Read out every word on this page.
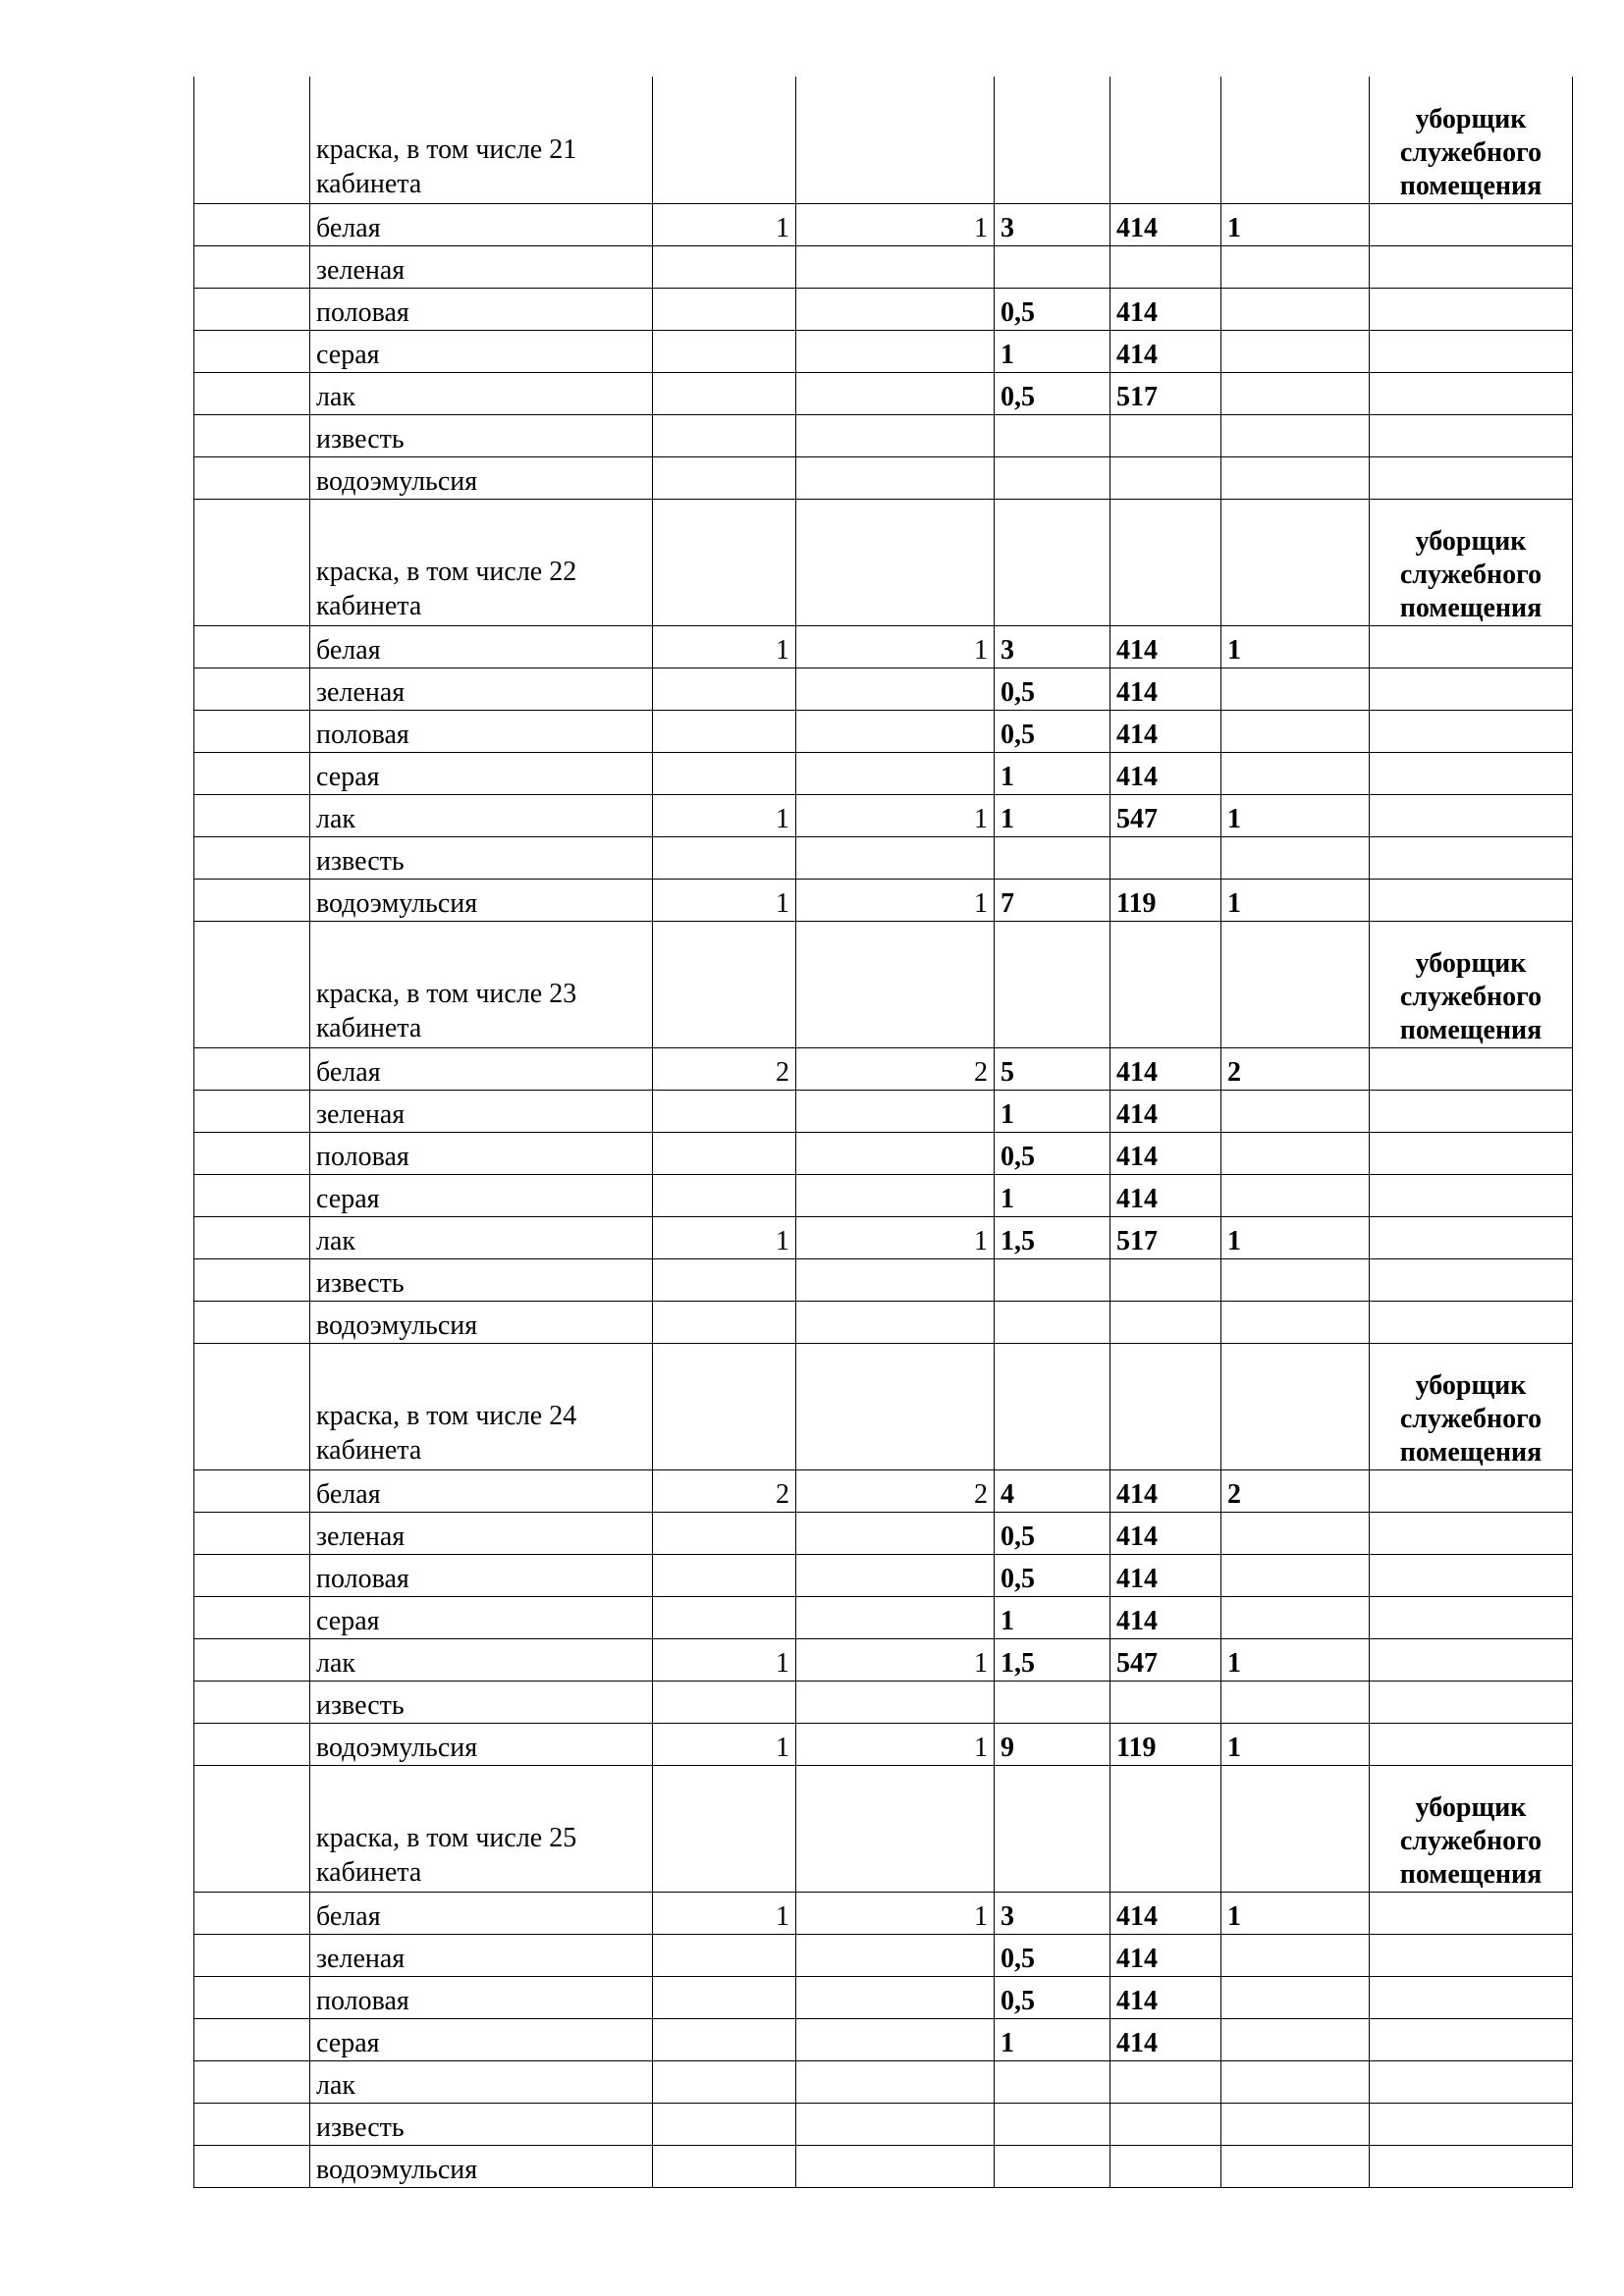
	краска, в том числе 21 кабинета						уборщик служебного помещения
	белая	1	1	3	414	1	
	зеленая						
	половая			0,5	414		
	серая			1	414		
	лак			0,5	517		
	известь						
	водоэмульсия						
	краска, в том числе 22 кабинета						уборщик служебного помещения
	белая	1	1	3	414	1	
	зеленая			0,5	414		
	половая			0,5	414		
	серая			1	414		
	лак	1	1	1	547	1	
	известь						
	водоэмульсия	1	1	7	119	1	
	краска, в том числе 23 кабинета						уборщик служебного помещения
	белая	2	2	5	414	2	
	зеленая			1	414		
	половая			0,5	414		
	серая			1	414		
	лак	1	1	1,5	517	1	
	известь						
	водоэмульсия						
	краска, в том числе 24 кабинета						уборщик служебного помещения
	белая	2	2	4	414	2	
	зеленая			0,5	414		
	половая			0,5	414		
	серая			1	414		
	лак	1	1	1,5	547	1	
	известь						
	водоэмульсия	1	1	9	119	1	
	краска, в том числе 25 кабинета						уборщик служебного помещения
	белая	1	1	3	414	1	
	зеленая			0,5	414		
	половая			0,5	414		
	серая			1	414		
	лак						
	известь						
	водоэмульсия						
